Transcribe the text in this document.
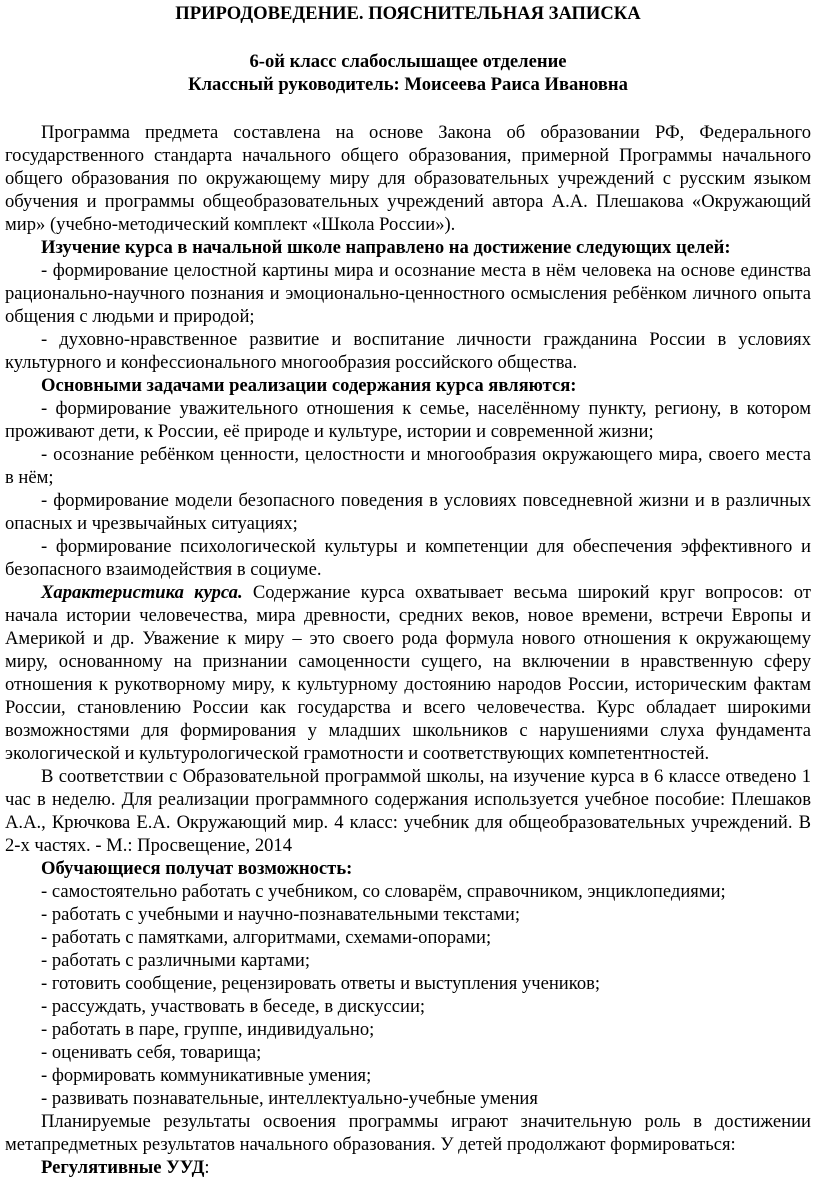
ПРИРОДОВЕДЕНИЕ. ПОЯСНИТЕЛЬНАЯ ЗАПИСКА
6-ой класс слабослышащее отделение
Классный руководитель: Моисеева Раиса Ивановна

Программа предмета составлена на основе Закона об образовании РФ, Федерального государственного стандарта начального общего образования, примерной Программы начального общего образования по окружающему миру для образовательных учреждений с русским языком обучения и программы общеобразовательных учреждений автора А.А. Плешакова «Окружающий мир» (учебно-методический комплект «Школа России»).

Изучение курса в начальной школе направлено на достижение следующих целей:

- формирование целостной картины мира и осознание места в нём человека на основе единства рационально-научного познания и эмоционально-ценностного осмысления ребёнком личного опыта общения с людьми и природой;

- духовно-нравственное развитие и воспитание личности гражданина России в условиях культурного и конфессионального многообразия российского общества.

Основными задачами реализации содержания курса являются:

- формирование уважительного отношения к семье, населённому пункту, региону, в котором проживают дети, к России, её природе и культуре, истории и современной жизни;

- осознание ребёнком ценности, целостности и многообразия окружающего мира, своего места в нём;

- формирование модели безопасного поведения в условиях повседневной жизни и в различных опасных и чрезвычайных ситуациях;

- формирование психологической культуры и компетенции для обеспечения эффективного и безопасного взаимодействия в социуме.

Характеристика курса. Содержание курса охватывает весьма широкий круг вопросов: от начала истории человечества, мира древности, средних веков, новое времени, встречи Европы и Америкой и др. Уважение к миру – это своего рода формула нового отношения к окружающему миру, основанному на признании самоценности сущего, на включении в нравственную сферу отношения к рукотворному миру, к культурному достоянию народов России, историческим фактам России, становлению России как государства и всего человечества. Курс обладает широкими возможностями для формирования у младших школьников с нарушениями слуха фундамента экологической и культурологической грамотности и соответствующих компетентностей.

В соответствии с Образовательной программой школы, на изучение курса в 6 классе отведено 1 час в неделю. Для реализации программного содержания используется учебное пособие: Плешаков А.А., Крючкова Е.А. Окружающий мир. 4 класс: учебник для общеобразовательных учреждений. В 2-х частях. - М.: Просвещение, 2014

Обучающиеся получат возможность:

- самостоятельно работать с учебником, со словарём, справочником, энциклопедиями;

- работать с учебными и научно-познавательными текстами;

- работать с памятками, алгоритмами, схемами-опорами;

- работать с различными картами;

- готовить сообщение, рецензировать ответы и выступления учеников;

- рассуждать, участвовать в беседе, в дискуссии;

- работать в паре, группе, индивидуально;

- оценивать себя, товарища;

- формировать коммуникативные умения;

- развивать познавательные, интеллектуально-учебные умения

Планируемые результаты освоения программы играют значительную роль в достижении метапредметных результатов начального образования. У детей продолжают формироваться:

Регулятивные УУД:
